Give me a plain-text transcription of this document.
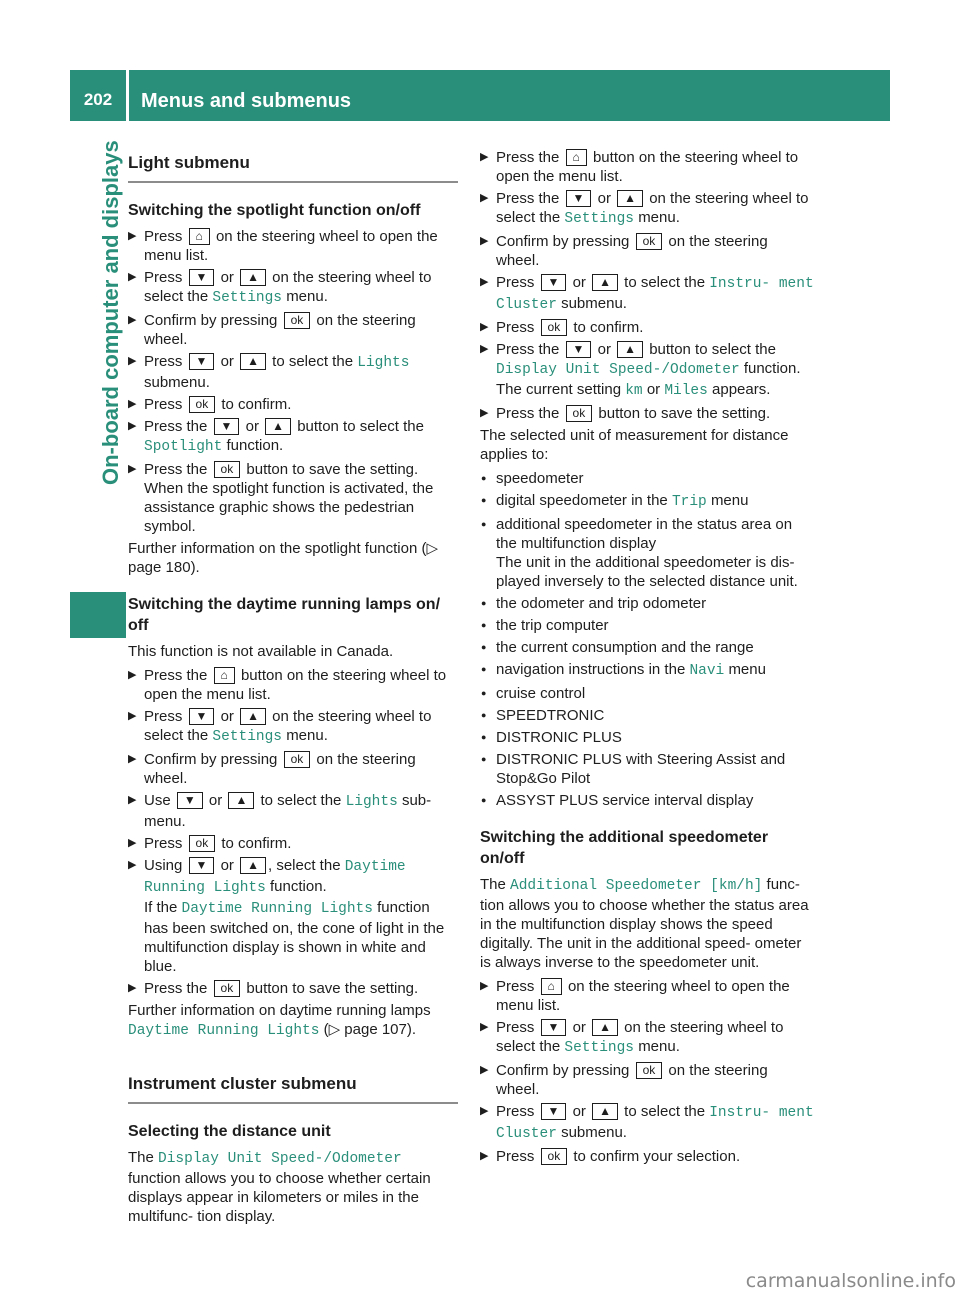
202	Menus and submenus
On-board computer and displays Light submenu
Switching the spotlight function on/off
▶ Press ⌂ on the steering wheel to open the menu list.
▶ Press ▼ or ▲ on the steering wheel to select the Settings menu.
▶ Confirm by pressing ok on the steering wheel.
▶ Press ▼ or ▲ to select the Lights submenu.
▶ Press ok to confirm.
▶ Press the ▼ or ▲ button to select the Spotlight function.
▶ Press the ok button to save the setting.
When the spotlight function is activated, the assistance graphic shows the pedestrian symbol.

Further information on the spotlight function (▷ page 180).

Switching the daytime running lamps on/ off

This function is not available in Canada.

▶ Press the ⌂ button on the steering wheel to open the menu list.
▶ Press ▼ or ▲ on the steering wheel to select the Settings menu.
▶ Confirm by pressing ok on the steering wheel.
▶ Use ▼ or ▲ to select the Lights sub- menu.
▶ Press ok to confirm.
▶ Using ▼ or ▲ , select the Daytime Running Lights function.
If the Daytime Running Lights function has been switched on, the cone of light in the multifunction display is shown in white and blue.
▶ Press the ok button to save the setting.

Further information on daytime running lamps Daytime Running Lights (▷ page 107).

Instrument cluster submenu
Selecting the distance unit

The Display Unit Speed-/Odometer function allows you to choose whether certain displays appear in kilometers or miles in the multifunc‐ tion display.

▶ Press the ⌂ button on the steering wheel to open the menu list.
▶ Press the ▼ or ▲ on the steering wheel to select the Settings menu.
▶ Confirm by pressing ok on the steering wheel.
▶ Press ▼ or ▲ to select the Instru‐ ment Cluster submenu.
▶ Press ok to confirm.
▶ Press the ▼ or ▲ button to select the Display Unit Speed-/Odometer function.
The current setting km or Miles appears.
▶ Press the ok button to save the setting.

The selected unit of measurement for distance applies to:

● speedometer
● digital speedometer in the Trip menu
● additional speedometer in the status area on the multifunction display
The unit in the additional speedometer is dis‐ played inversely to the selected distance unit.
● the odometer and trip odometer
● the trip computer
● the current consumption and the range
● navigation instructions in the Navi menu
● cruise control
● SPEEDTRONIC
● DISTRONIC PLUS
● DISTRONIC PLUS with Steering Assist and Stop&Go Pilot
● ASSYST PLUS service interval display
Switching the additional speedometer on/off

The Additional Speedometer [km/h] func‐ tion allows you to choose whether the status area in the multifunction display shows the speed digitally. The unit in the additional speed‐ ometer is always inverse to the speedometer unit.

▶ Press ⌂ on the steering wheel to open the menu list.
▶ Press ▼ or ▲ on the steering wheel to select the Settings menu.
▶ Confirm by pressing ok on the steering wheel.
▶ Press ▼ or ▲ to select the Instru‐ ment Cluster submenu.
▶ Press ok to confirm your selection.
carmanualsonline.info
